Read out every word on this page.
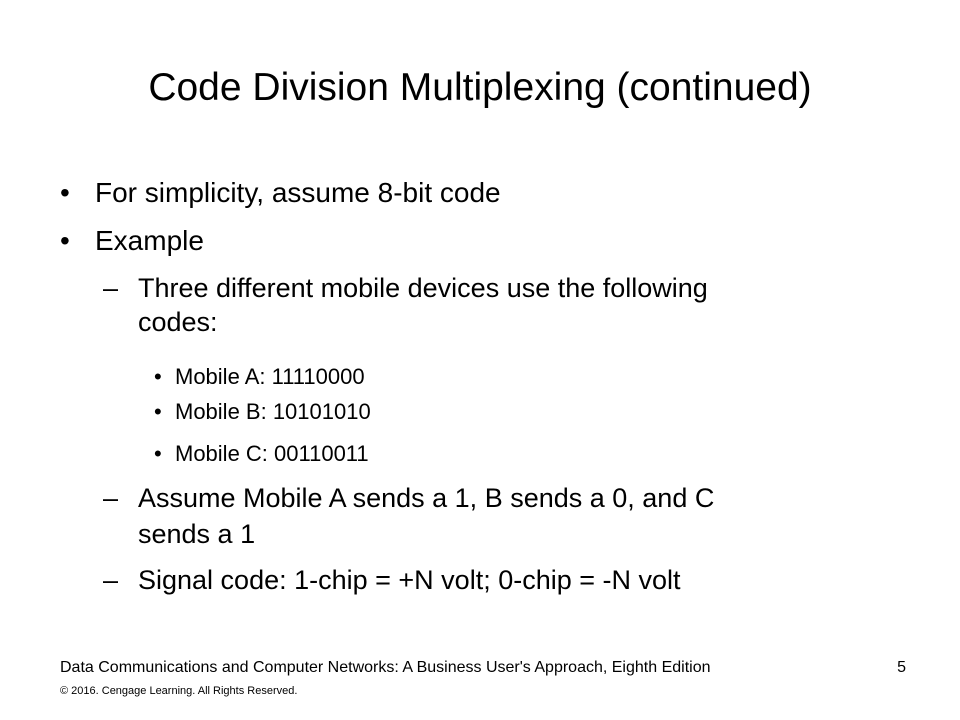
Code Division Multiplexing (continued)
• For simplicity, assume 8-bit code
• Example
– Three different mobile devices use the following
codes:
• Mobile A: 11110000
• Mobile B: 10101010
• Mobile C: 00110011
– Assume Mobile A sends a 1, B sends a 0, and C
sends a 1
– Signal code: 1-chip = +N volt; 0-chip = -N volt
Data Communications and Computer Networks: A Business User's Approach, Eighth Edition
© 2016. Cengage Learning. All Rights Reserved.
5
